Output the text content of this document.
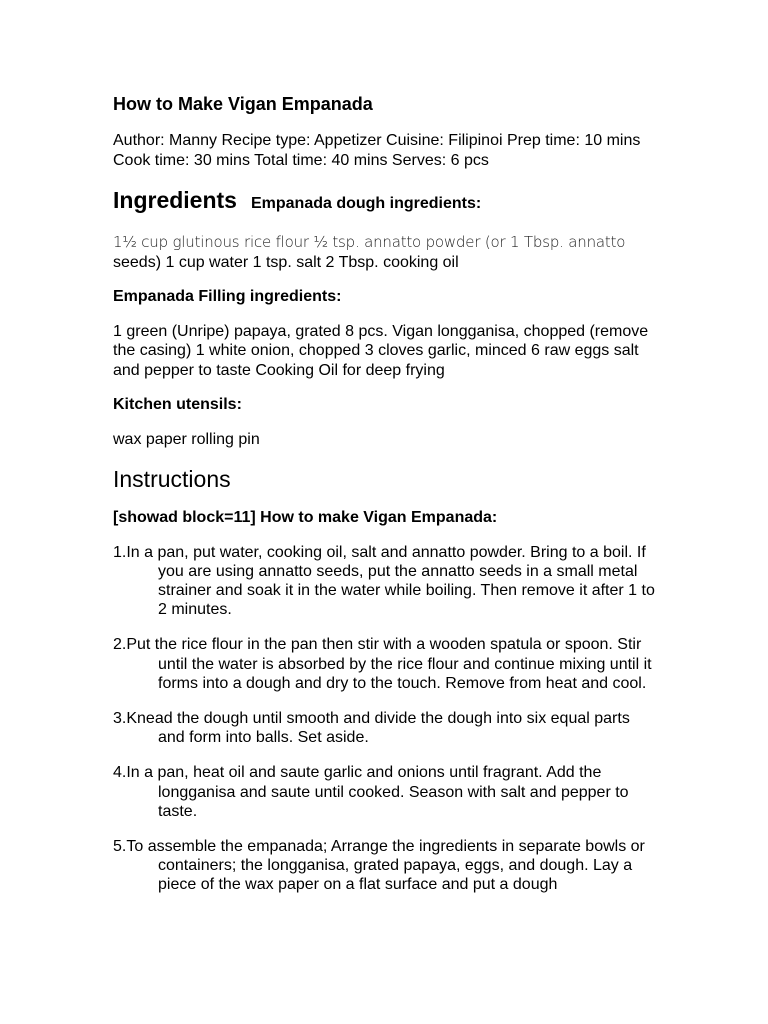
How to Make Vigan Empanada
Author: Manny Recipe type: Appetizer Cuisine: Filipinoi Prep time: 10 mins Cook time: 30 mins Total time: 40 mins Serves: 6 pcs
Ingredients Empanada dough ingredients:
1½ cup glutinous rice flour ½ tsp. annatto powder (or 1 Tbsp. annatto
seeds) 1 cup water 1 tsp. salt 2 Tbsp. cooking oil
Empanada Filling ingredients:
1 green (Unripe) papaya, grated 8 pcs. Vigan longganisa, chopped (remove the casing) 1 white onion, chopped 3 cloves garlic, minced 6 raw eggs salt and pepper to taste Cooking Oil for deep frying
Kitchen utensils:
wax paper rolling pin
Instructions
[showad block=11] How to make Vigan Empanada:
1.In a pan, put water, cooking oil, salt and annatto powder. Bring to a boil. If you are using annatto seeds, put the annatto seeds in a small metal strainer and soak it in the water while boiling. Then remove it after 1 to 2 minutes.
2.Put the rice flour in the pan then stir with a wooden spatula or spoon. Stir until the water is absorbed by the rice flour and continue mixing until it forms into a dough and dry to the touch. Remove from heat and cool.
3.Knead the dough until smooth and divide the dough into six equal parts and form into balls. Set aside.
4.In a pan, heat oil and saute garlic and onions until fragrant. Add the longganisa and saute until cooked. Season with salt and pepper to taste.
5.To assemble the empanada; Arrange the ingredients in separate bowls or containers; the longganisa, grated papaya, eggs, and dough. Lay a piece of the wax paper on a flat surface and put a dough
